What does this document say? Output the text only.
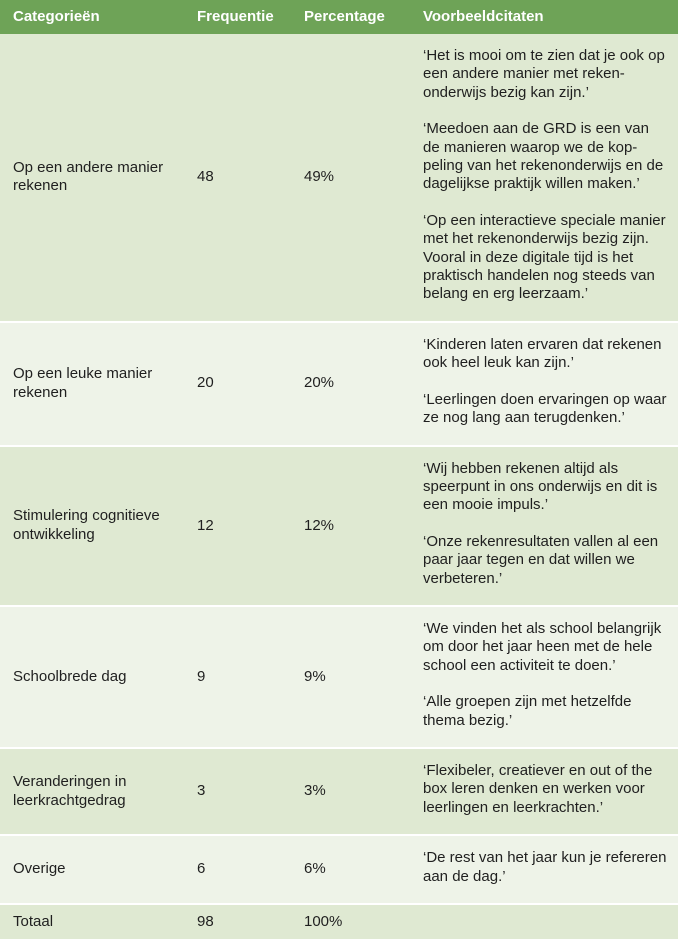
Categorieën	Frequentie	Percentage	Voorbeeldcitaten
Op een andere manier rekenen	48	49%	‘Het is mooi om te zien dat je ook op een andere manier met rekenonderwijs bezig kan zijn.’

‘Meedoen aan de GRD is een van de manieren waarop we de koppeling van het rekenonderwijs en de dagelijkse praktijk willen maken.’

‘Op een interactieve speciale manier met het rekenonderwijs bezig zijn. Vooral in deze digitale tijd is het praktisch handelen nog steeds van belang en erg leerzaam.’

Op een leuke manier rekenen	20	20%	‘Kinderen laten ervaren dat rekenen ook heel leuk kan zijn.’

‘Leerlingen doen ervaringen op waar ze nog lang aan terugdenken.’

Stimulering cognitieve ontwikkeling	12	12%	‘Wij hebben rekenen altijd als speerpunt in ons onderwijs en dit is een mooie impuls.’

‘Onze rekenresultaten vallen al een paar jaar tegen en dat willen we verbeteren.’

Schoolbrede dag	9	9%	‘We vinden het als school belangrijk om door het jaar heen met de hele school een activiteit te doen.’

‘Alle groepen zijn met hetzelfde thema bezig.’

Veranderingen in leerkrachtgedrag	3	3%	‘Flexibeler, creatiever en out of the box leren denken en werken voor leerlingen en leerkrachten.’

Overige	6	6%	‘De rest van het jaar kun je refereren aan de dag.’

Totaal	98	100%	
